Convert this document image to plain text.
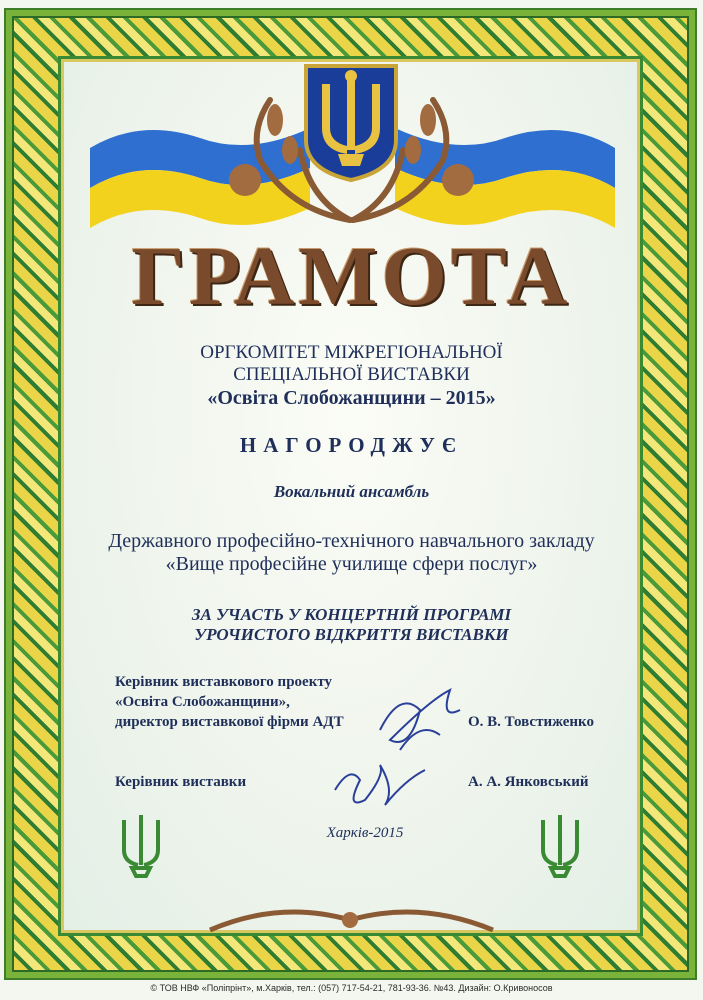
ГРАМОТА
ОРГКОМІТЕТ МІЖРЕГІОНАЛЬНОЇ
СПЕЦІАЛЬНОЇ ВИСТАВКИ
«Освіта Слобожанщини – 2015»
НАГОРОДЖУЄ
Вокальний ансамбль
Державного професійно-технічного навчального закладу
«Вище професійне училище сфери послуг»
ЗА УЧАСТЬ У КОНЦЕРТНІЙ ПРОГРАМІ
УРОЧИСТОГО ВІДКРИТТЯ ВИСТАВКИ
Керівник виставкового проекту
«Освіта Слобожанщини»,
директор виставкової фірми АДТ	О. В. Товстиженко
Керівник виставки	А. А. Янковський
Харків-2015
© ТОВ НВФ «Поліпрінт», м.Харків, тел.: (057) 717-54-21, 781-93-36. №43. Дизайн: О.Кривоносов
